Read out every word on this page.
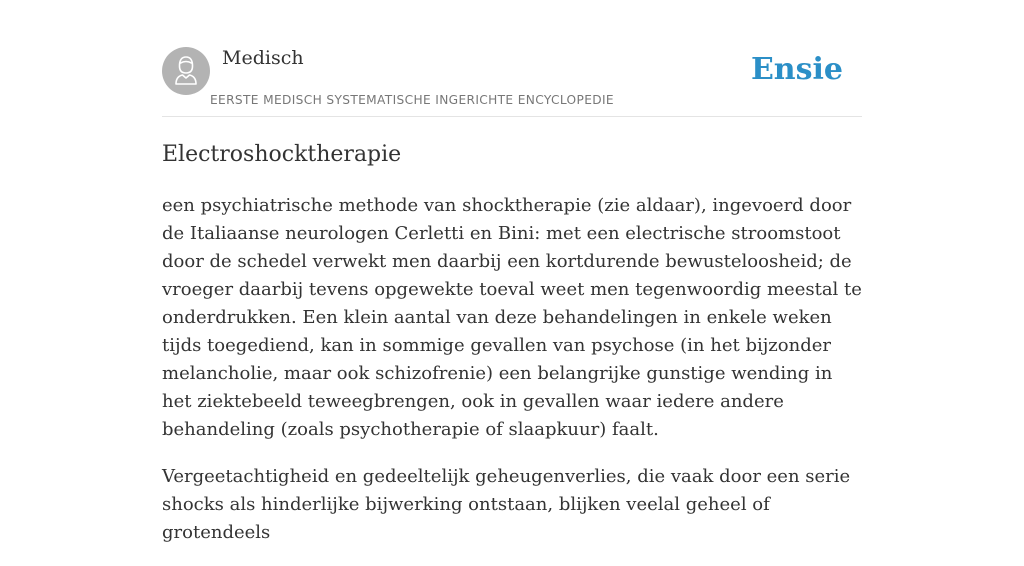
Medisch
EERSTE MEDISCH SYSTEMATISCHE INGERICHTE ENCYCLOPEDIE
Ensie
Electroshocktherapie

een psychiatrische methode van shocktherapie (zie aldaar), ingevoerd door de Italiaanse neurologen Cerletti en Bini: met een electrische stroomstoot door de schedel verwekt men daarbij een kortdurende bewusteloosheid; de vroeger daarbij tevens opgewekte toeval weet men tegenwoordig meestal te onderdrukken. Een klein aantal van deze behandelingen in enkele weken tijds toegediend, kan in sommige gevallen van psychose (in het bijzonder melancholie, maar ook schizofrenie) een belangrijke gunstige wending in het ziektebeeld teweegbrengen, ook in gevallen waar iedere andere behandeling (zoals psychotherapie of slaapkuur) faalt.

Vergeetachtigheid en gedeeltelijk geheugenverlies, die vaak door een serie shocks als hinderlijke bijwerking ontstaan, blijken veelal geheel of grotendeels
